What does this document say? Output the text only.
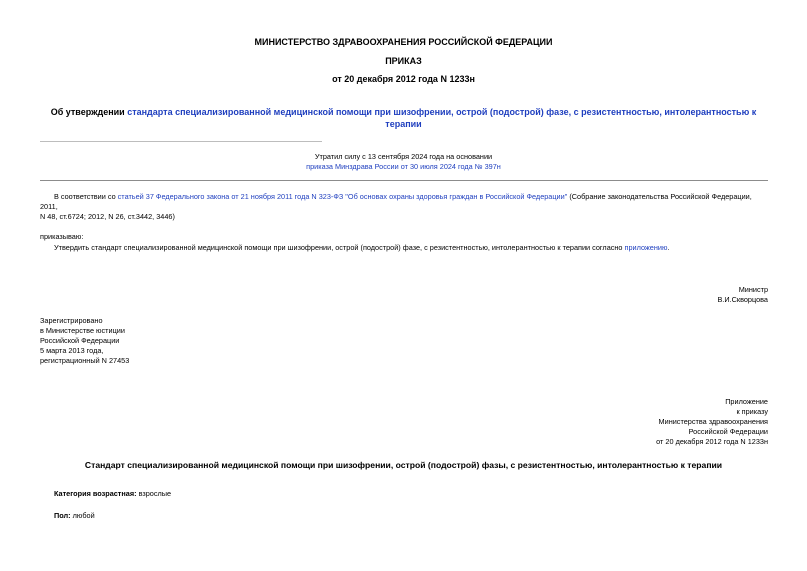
МИНИСТЕРСТВО ЗДРАВООХРАНЕНИЯ РОССИЙСКОЙ ФЕДЕРАЦИИ
ПРИКАЗ
от 20 декабря 2012 года N 1233н
Об утверждении стандарта специализированной медицинской помощи при шизофрении, острой (подострой) фазе, с резистентностью, интолерантностью к
терапии
Утратил силу с 13 сентября 2024 года на основании
приказа Минздрава России от 30 июля 2024 года № 397н
В соответствии со статьей 37 Федерального закона от 21 ноября 2011 года N 323-ФЗ "Об основах охраны здоровья граждан в Российской Федерации" (Собрание законодательства Российской Федерации, 2011,
N 48, ст.6724; 2012, N 26, ст.3442, 3446)
приказываю:
Утвердить стандарт специализированной медицинской помощи при шизофрении, острой (подострой) фазе, с резистентностью, интолерантностью к терапии согласно приложению.
Министр
В.И.Скворцова
Зарегистрировано
в Министерстве юстиции
Российской Федерации
5 марта 2013 года,
регистрационный N 27453
Приложение
к приказу
Министерства здравоохранения
Российской Федерации
от 20 декабря 2012 года N 1233н
Стандарт специализированной медицинской помощи при шизофрении, острой (подострой) фазы, с резистентностью, интолерантностью к терапии
Категория возрастная: взрослые
Пол: любой
